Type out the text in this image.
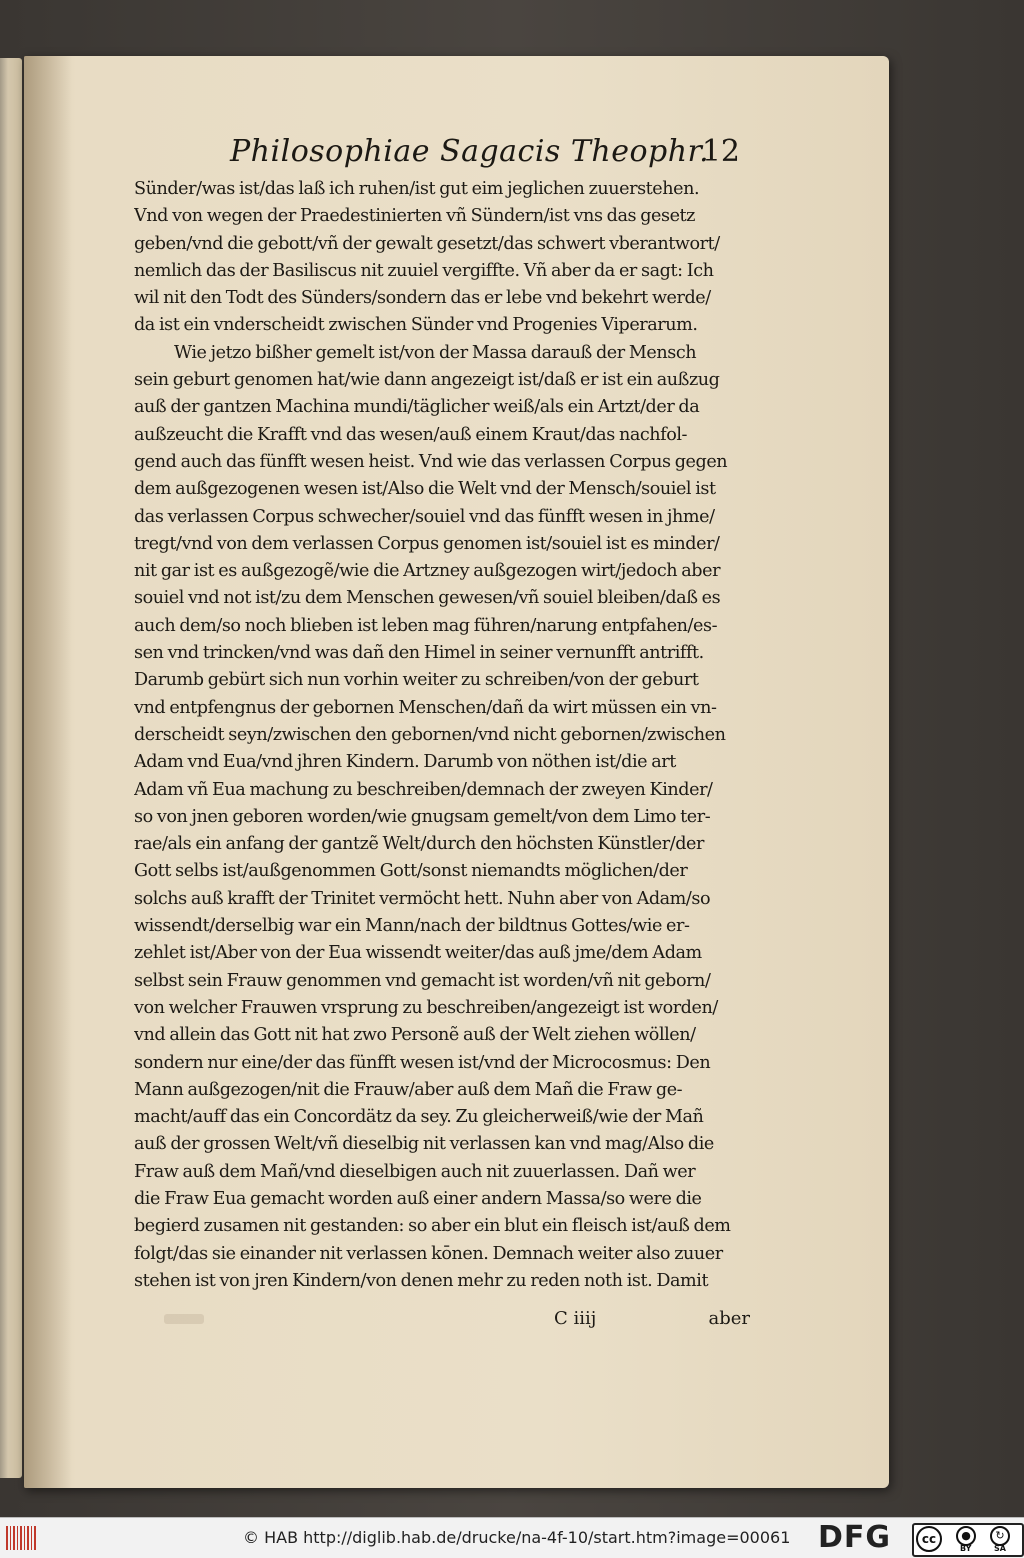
Philosophiae Sagacis Theophr.
12
Sünder/was ist/das laß ich ruhen/ist gut eim jeglichen zuuerstehen.
Vnd von wegen der Praedestinierten vñ Sündern/ist vns das gesetz
geben/vnd die gebott/vñ der gewalt gesetzt/das schwert vberantwort/
nemlich das der Basiliscus nit zuuiel vergiffte. Vñ aber da er sagt: Ich
wil nit den Todt des Sünders/sondern das er lebe vnd bekehrt werde/
da ist ein vnderscheidt zwischen Sünder vnd Progenies Viperarum.
Wie jetzo bißher gemelt ist/von der Massa darauß der Mensch
sein geburt genomen hat/wie dann angezeigt ist/daß er ist ein außzug
auß der gantzen Machina mundi/täglicher weiß/als ein Artzt/der da
außzeucht die Krafft vnd das wesen/auß einem Kraut/das nachfol-
gend auch das fünfft wesen heist. Vnd wie das verlassen Corpus gegen
dem außgezogenen wesen ist/Also die Welt vnd der Mensch/souiel ist
das verlassen Corpus schwecher/souiel vnd das fünfft wesen in jhme/
tregt/vnd von dem verlassen Corpus genomen ist/souiel ist es minder/
nit gar ist es außgezogẽ/wie die Artzney außgezogen wirt/jedoch aber
souiel vnd not ist/zu dem Menschen gewesen/vñ souiel bleiben/daß es
auch dem/so noch blieben ist leben mag führen/narung entpfahen/es-
sen vnd trincken/vnd was dañ den Himel in seiner vernunfft antrifft.
Darumb gebürt sich nun vorhin weiter zu schreiben/von der geburt
vnd entpfengnus der gebornen Menschen/dañ da wirt müssen ein vn-
derscheidt seyn/zwischen den gebornen/vnd nicht gebornen/zwischen
Adam vnd Eua/vnd jhren Kindern. Darumb von nöthen ist/die art
Adam vñ Eua machung zu beschreiben/demnach der zweyen Kinder/
so von jnen geboren worden/wie gnugsam gemelt/von dem Limo ter-
rae/als ein anfang der gantzẽ Welt/durch den höchsten Künstler/der
Gott selbs ist/außgenommen Gott/sonst niemandts möglichen/der
solchs auß krafft der Trinitet vermöcht hett. Nuhn aber von Adam/so
wissendt/derselbig war ein Mann/nach der bildtnus Gottes/wie er-
zehlet ist/Aber von der Eua wissendt weiter/das auß jme/dem Adam
selbst sein Frauw genommen vnd gemacht ist worden/vñ nit geborn/
von welcher Frauwen vrsprung zu beschreiben/angezeigt ist worden/
vnd allein das Gott nit hat zwo Personẽ auß der Welt ziehen wöllen/
sondern nur eine/der das fünfft wesen ist/vnd der Microcosmus: Den
Mann außgezogen/nit die Frauw/aber auß dem Mañ die Fraw ge-
macht/auff das ein Concordätz da sey. Zu gleicherweiß/wie der Mañ
auß der grossen Welt/vñ dieselbig nit verlassen kan vnd mag/Also die
Fraw auß dem Mañ/vnd dieselbigen auch nit zuuerlassen. Dañ wer
die Fraw Eua gemacht worden auß einer andern Massa/so were die
begierd zusamen nit gestanden: so aber ein blut ein fleisch ist/auß dem
folgt/das sie einander nit verlassen kōnen. Demnach weiter also zuuer
stehen ist von jren Kindern/von denen mehr zu reden noth ist. Damit
C iiij	aber
© HAB http://diglib.hab.de/drucke/na-4f-10/start.htm?image=00061 DFG	cc	●	↻
BY	SA
